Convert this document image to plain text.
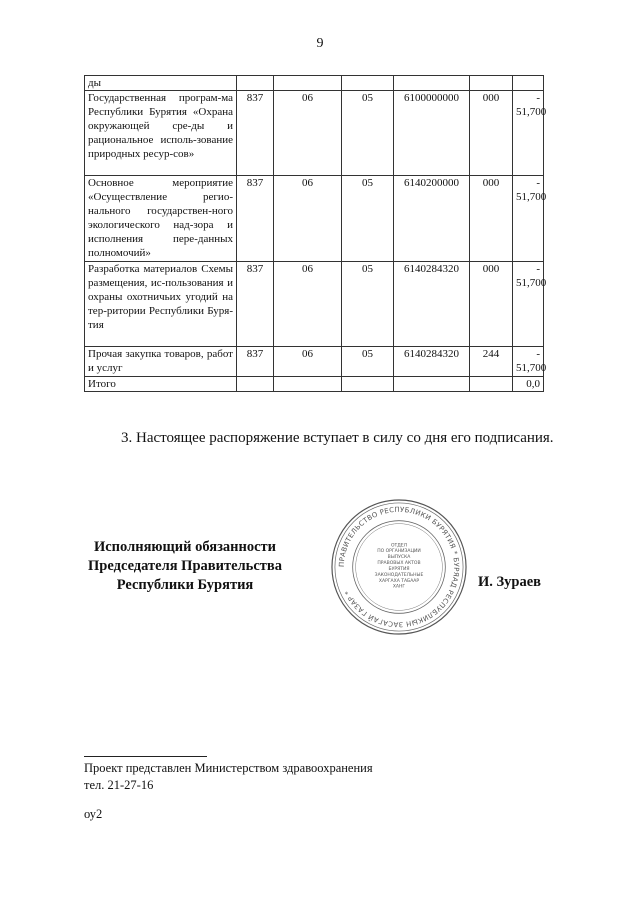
9
ды						
Государственная програм-ма Республики Бурятия «Охрана окружающей сре-ды и рациональное исполь-зование природных ресур-сов»	837	06	05	6100000000	000	- 51,700
Основное мероприятие «Осуществление регио-нального государствен-ного экологического над-зора и исполнения пере-данных полномочий»	837	06	05	6140200000	000	- 51,700
Разработка материалов Схемы размещения, ис-пользования и охраны охотничьих угодий на тер-ритории Республики Буря-тия	837	06	05	6140284320	000	- 51,700
Прочая закупка товаров, работ и услуг	837	06	05	6140284320	244	- 51,700
Итого						0,0
3. Настоящее распоряжение вступает в силу со дня его подписания.
Исполняющий обязанности
Председателя Правительства
Республики Бурятия
ПРАВИТЕЛЬСТВО РЕСПУБЛИКИ БУРЯТИЯ * БУРЯАД РЕСПУБЛИКЫН ЗАСАГАЙ ГАЗАР *
ОТДЕЛ
ПО ОРГАНИЗАЦИИ
ВЫПУСКА
ПРАВОВЫХ АКТОВ
БУРЯТИЯ
ЗАКОНОДАТЕЛЬНЫЕ
ХАРГАХА ТАБААР
ХАНГ	И. Зураев
Проект представлен Министерством здравоохранения
тел. 21-27-16
оу2
